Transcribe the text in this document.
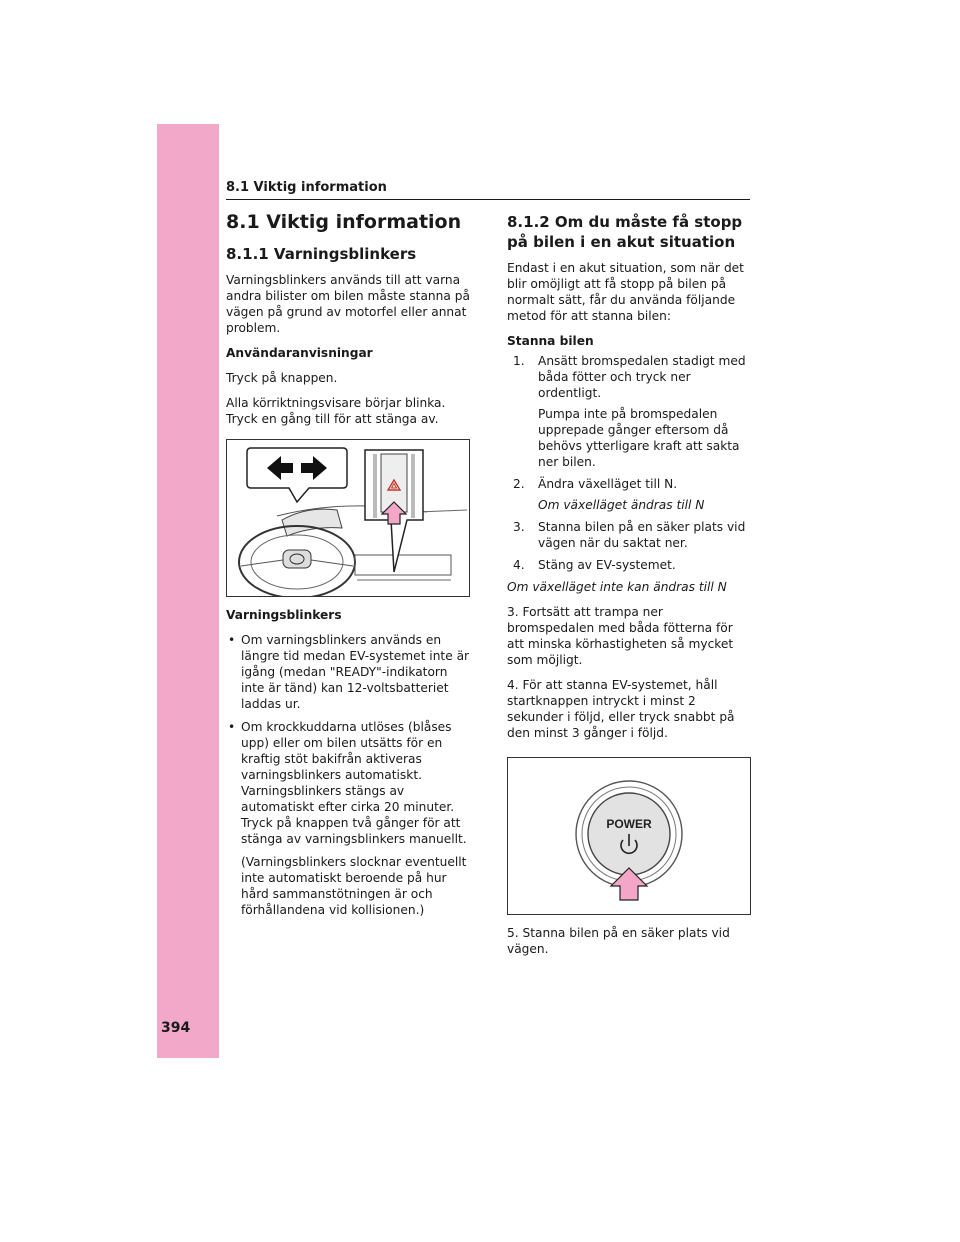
394
8.1 Viktig information
8.1 Viktig information
8.1.1 Varningsblinkers

Varningsblinkers används till att varna andra bilister om bilen måste stanna på vägen på grund av motorfel eller annat problem.

Användaranvisningar

Tryck på knappen.

Alla körriktningsvisare börjar blinka. Tryck en gång till för att stänga av.

Varningsblinkers

• Om varningsblinkers används en längre tid medan EV-systemet inte är igång (medan "READY"-indikatorn inte är tänd) kan 12-voltsbatteriet laddas ur.
• Om krockkuddarna utlöses (blåses upp) eller om bilen utsätts för en kraftig stöt bakifrån aktiveras varningsblinkers automatiskt. Varningsblinkers stängs av automatiskt efter cirka 20 minuter. Tryck på knappen två gånger för att stänga av varningsblinkers manuellt.

(Varningsblinkers slocknar eventuellt inte automatiskt beroende på hur hård sammanstötningen är och förhållandena vid kollisionen.)

8.1.2 Om du måste få stopp på bilen i en akut situation

Endast i en akut situation, som när det blir omöjligt att få stopp på bilen på normalt sätt, får du använda följande metod för att stanna bilen:

Stanna bilen

1. Ansätt bromspedalen stadigt med båda fötter och tryck ner ordentligt.
Pumpa inte på bromspedalen upprepade gånger eftersom då behövs ytterligare kraft att sakta ner bilen.
2. Ändra växelläget till N.
Om växelläget ändras till N
3. Stanna bilen på en säker plats vid vägen när du saktat ner.
4. Stäng av EV-systemet.

Om växelläget inte kan ändras till N

3. Fortsätt att trampa ner bromspedalen med båda fötterna för att minska körhastigheten så mycket som möjligt.

4. För att stanna EV-systemet, håll startknappen intryckt i minst 2 sekunder i följd, eller tryck snabbt på den minst 3 gånger i följd.

POWER

5. Stanna bilen på en säker plats vid vägen.
